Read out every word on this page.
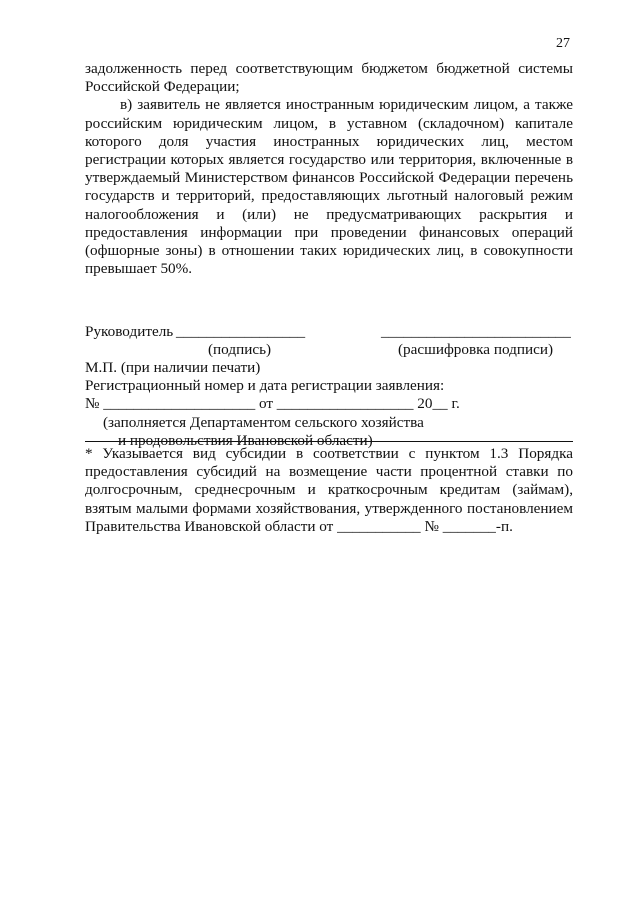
27

задолженность перед соответствующим бюджетом бюджетной системы Российской Федерации;

в) заявитель не является иностранным юридическим лицом, а также российским юридическим лицом, в уставном (складочном) капитале которого доля участия иностранных юридических лиц, местом регистрации которых является государство или территория, включенные в утверждаемый Министерством финансов Российской Федерации перечень государств и территорий, предоставляющих льготный налоговый режим налогообложения и (или) не предусматривающих раскрытия и предоставления информации при проведении финансовых операций (офшорные зоны) в отношении таких юридических лиц, в совокупности превышает 50%.

Руководитель _________________	_________________________
(подпись)	(расшифровка подписи)

М.П. (при наличии печати)

Регистрационный номер и дата регистрации заявления:

№ ____________________ от __________________ 20__ г.

(заполняется Департаментом сельского хозяйства

и продовольствия Ивановской области)

* Указывается вид субсидии в соответствии с пунктом 1.3 Порядка предоставления субсидий на возмещение части процентной ставки по долгосрочным, среднесрочным и краткосрочным кредитам (займам), взятым малыми формами хозяйствования, утвержденного постановлением Правительства Ивановской области от ___________ № _______-п.
